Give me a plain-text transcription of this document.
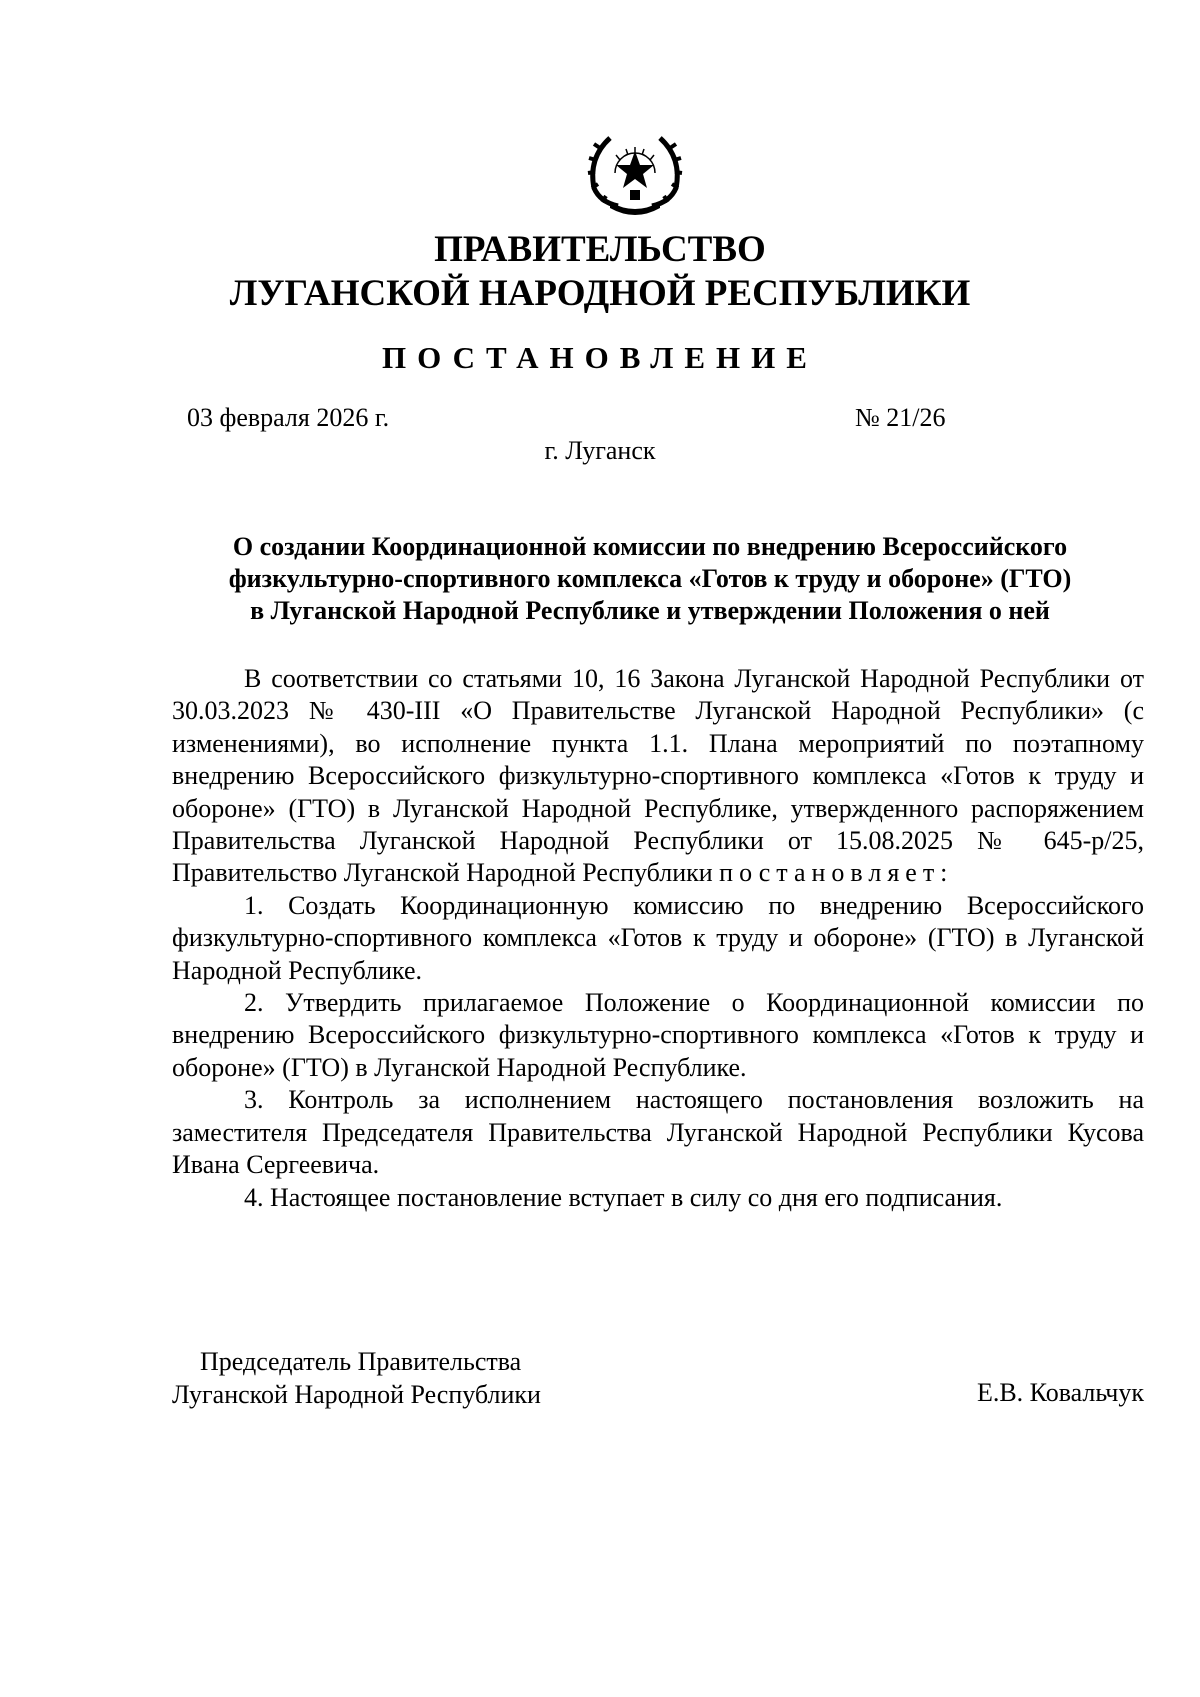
ПРАВИТЕЛЬСТВО
ЛУГАНСКОЙ НАРОДНОЙ РЕСПУБЛИКИ
ПОСТАНОВЛЕНИЕ
03 февраля 2026 г.	№ 21/26
г. Луганск
О создании Координационной комиссии по внедрению Всероссийского
физкультурно-спортивного комплекса «Готов к труду и обороне» (ГТО)
в Луганской Народной Республике и утверждении Положения о ней

В соответствии со статьями 10, 16 Закона Луганской Народной Республики от 30.03.2023 № 430-III «О Правительстве Луганской Народной Республики» (с изменениями), во исполнение пункта 1.1. Плана мероприятий по поэтапному внедрению Всероссийского физкультурно-спортивного комплекса «Готов к труду и обороне» (ГТО) в Луганской Народной Республике, утвержденного распоряжением Правительства Луганской Народной Республики от 15.08.2025 № 645-р/25, Правительство Луганской Народной Республики постановляет:

1. Создать Координационную комиссию по внедрению Всероссийского физкультурно-спортивного комплекса «Готов к труду и обороне» (ГТО) в Луганской Народной Республике.

2. Утвердить прилагаемое Положение о Координационной комиссии по внедрению Всероссийского физкультурно-спортивного комплекса «Готов к труду и обороне» (ГТО) в Луганской Народной Республике.

3. Контроль за исполнением настоящего постановления возложить на заместителя Председателя Правительства Луганской Народной Республики Кусова Ивана Сергеевича.

4. Настоящее постановление вступает в силу со дня его подписания.

Председатель Правительства
Луганской Народной Республики	Е.В. Ковальчук
